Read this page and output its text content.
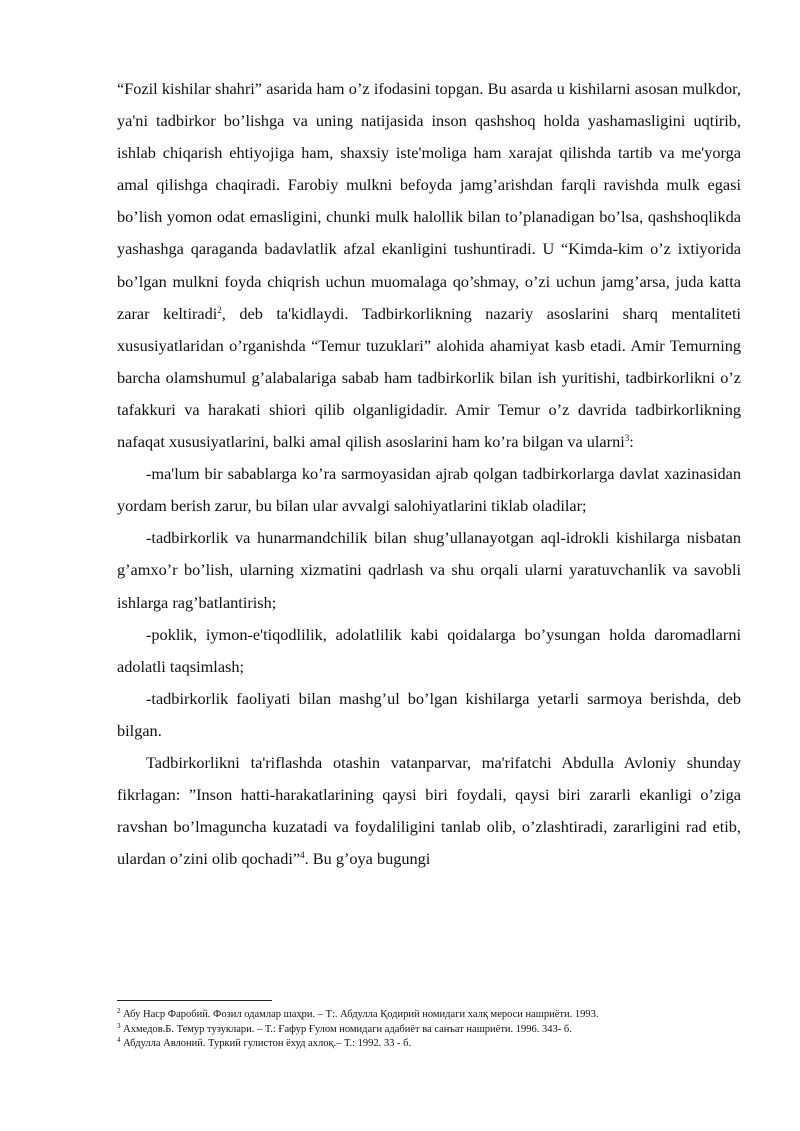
“Fozil kishilar shahri” asarida ham o’z ifodasini topgan. Bu asarda u kishilarni asosan mulkdor, ya'ni tadbirkor bo’lishga va uning natijasida inson qashshoq holda yashamasligini uqtirib, ishlab chiqarish ehtiyojiga ham, shaxsiy iste'moliga ham xarajat qilishda tartib va me'yorga amal qilishga chaqiradi. Farobiy mulkni befoyda jamg’arishdan farqli ravishda mulk egasi bo’lish yomon odat emasligini, chunki mulk halollik bilan to’planadigan bo’lsa, qashshoqlikda yashashga qaraganda badavlatlik afzal ekanligini tushuntiradi. U “Kimda-kim o’z ixtiyorida bo’lgan mulkni foyda chiqrish uchun muomalaga qo’shmay, o’zi uchun jamg’arsa, juda katta zarar keltiradi$^2$, deb ta'kidlaydi. Tadbirkorlikning nazariy asoslarini sharq mentaliteti xususiyatlaridan o’rganishda “Temur tuzuklari” alohida ahamiyat kasb etadi. Amir Temurning barcha olamshumul g’alabalariga sabab ham tadbirkorlik bilan ish yuritishi, tadbirkorlikni o’z tafakkuri va harakati shiori qilib olganligidadir. Amir Temur o’z davrida tadbirkorlikning nafaqat xususiyatlarini, balki amal qilish asoslarini ham ko’ra bilgan va ularni$^3$:

-ma'lum bir sabablarga ko’ra sarmoyasidan ajrab qolgan tadbirkorlarga davlat xazinasidan yordam berish zarur, bu bilan ular avvalgi salohiyatlarini tiklab oladilar;

-tadbirkorlik va hunarmandchilik bilan shug’ullanayotgan aql-idrokli kishilarga nisbatan g’amxo’r bo’lish, ularning xizmatini qadrlash va shu orqali ularni yaratuvchanlik va savobli ishlarga rag’batlantirish;

-poklik, iymon-e'tiqodlilik, adolatlilik kabi qoidalarga bo’ysungan holda daromadlarni adolatli taqsimlash;

-tadbirkorlik faoliyati bilan mashg’ul bo’lgan kishilarga yetarli sarmoya berishda, deb bilgan.

Tadbirkorlikni ta'riflashda otashin vatanparvar, ma'rifatchi Abdulla Avloniy shunday fikrlagan: ”Inson hatti-harakatlarining qaysi biri foydali, qaysi biri zararli ekanligi o’ziga ravshan bo’lmaguncha kuzatadi va foydaliligini tanlab olib, o’zlashtiradi, zararligini rad etib, ulardan o’zini olib qochadi”$^4$. Bu g’oya bugungi

$^2$ Абу Наср Фаробий. Фозил одамлар шаҳри. – Т:. Абдулла Қодирий номидаги халқ мероси нашриёти. 1993.
$^3$ Ахмедов.Б. Темур тузуклари. – Т.: Ғафур Ғулом номидаги адабиёт ва санъат нашриёти. 1996. 343- б.
$^4$ Абдулла Авлоний. Туркий гулистон ёхуд ахлоқ.– Т.: 1992. 33 - б.
